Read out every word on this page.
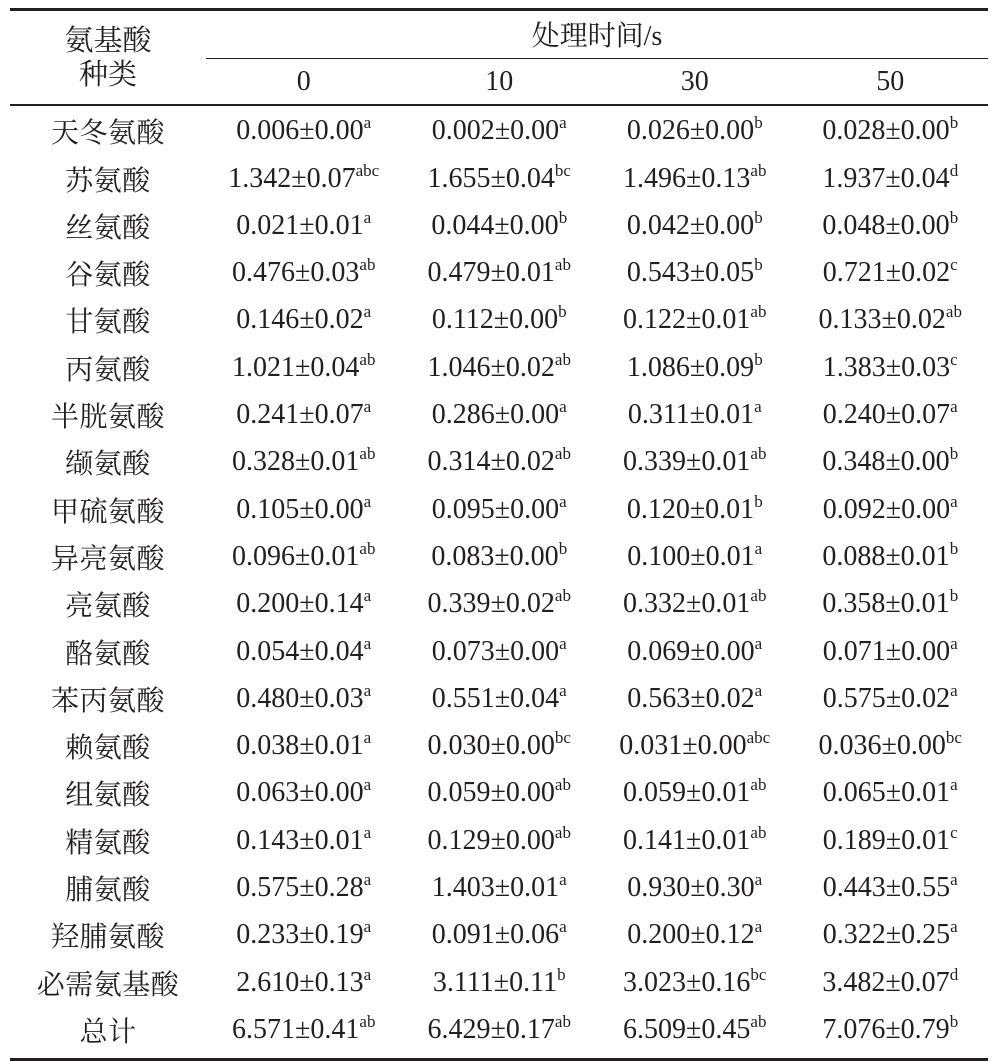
氨基酸
种类
处理时间/s
0	10	30	50
天冬氨酸	0.006±0.00$^a$	0.002±0.00$^a$	0.026±0.00$^b$	0.028±0.00$^b$
苏氨酸	1.342±0.07$^{abc}$	1.655±0.04$^{bc}$	1.496±0.13$^{ab}$	1.937±0.04$^d$
丝氨酸	0.021±0.01$^a$	0.044±0.00$^b$	0.042±0.00$^b$	0.048±0.00$^b$
谷氨酸	0.476±0.03$^{ab}$	0.479±0.01$^{ab}$	0.543±0.05$^b$	0.721±0.02$^c$
甘氨酸	0.146±0.02$^a$	0.112±0.00$^b$	0.122±0.01$^{ab}$	0.133±0.02$^{ab}$
丙氨酸	1.021±0.04$^{ab}$	1.046±0.02$^{ab}$	1.086±0.09$^b$	1.383±0.03$^c$
半胱氨酸	0.241±0.07$^a$	0.286±0.00$^a$	0.311±0.01$^a$	0.240±0.07$^a$
缬氨酸	0.328±0.01$^{ab}$	0.314±0.02$^{ab}$	0.339±0.01$^{ab}$	0.348±0.00$^b$
甲硫氨酸	0.105±0.00$^a$	0.095±0.00$^a$	0.120±0.01$^b$	0.092±0.00$^a$
异亮氨酸	0.096±0.01$^{ab}$	0.083±0.00$^b$	0.100±0.01$^a$	0.088±0.01$^b$
亮氨酸	0.200±0.14$^a$	0.339±0.02$^{ab}$	0.332±0.01$^{ab}$	0.358±0.01$^b$
酪氨酸	0.054±0.04$^a$	0.073±0.00$^a$	0.069±0.00$^a$	0.071±0.00$^a$
苯丙氨酸	0.480±0.03$^a$	0.551±0.04$^a$	0.563±0.02$^a$	0.575±0.02$^a$
赖氨酸	0.038±0.01$^a$	0.030±0.00$^{bc}$	0.031±0.00$^{abc}$	0.036±0.00$^{bc}$
组氨酸	0.063±0.00$^a$	0.059±0.00$^{ab}$	0.059±0.01$^{ab}$	0.065±0.01$^a$
精氨酸	0.143±0.01$^a$	0.129±0.00$^{ab}$	0.141±0.01$^{ab}$	0.189±0.01$^c$
脯氨酸	0.575±0.28$^a$	1.403±0.01$^a$	0.930±0.30$^a$	0.443±0.55$^a$
羟脯氨酸	0.233±0.19$^a$	0.091±0.06$^a$	0.200±0.12$^a$	0.322±0.25$^a$
必需氨基酸	2.610±0.13$^a$	3.111±0.11$^b$	3.023±0.16$^{bc}$	3.482±0.07$^d$
总计	6.571±0.41$^{ab}$	6.429±0.17$^{ab}$	6.509±0.45$^{ab}$	7.076±0.79$^b$
